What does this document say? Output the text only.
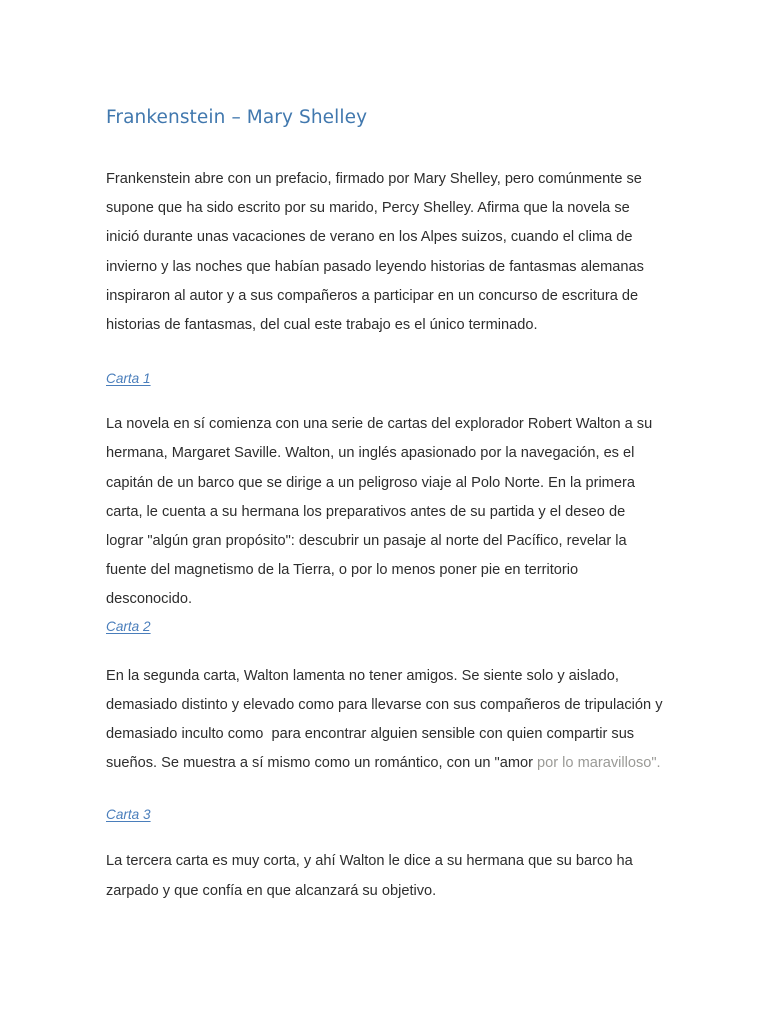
Frankenstein – Mary Shelley

Frankenstein abre con un prefacio, firmado por Mary Shelley, pero comúnmente se supone que ha sido escrito por su marido, Percy Shelley. Afirma que la novela se inició durante unas vacaciones de verano en los Alpes suizos, cuando el clima de invierno y las noches que habían pasado leyendo historias de fantasmas alemanas inspiraron al autor y a sus compañeros a participar en un concurso de escritura de historias de fantasmas, del cual este trabajo es el único terminado.

Carta 1

La novela en sí comienza con una serie de cartas del explorador Robert Walton a su hermana, Margaret Saville. Walton, un inglés apasionado por la navegación, es el capitán de un barco que se dirige a un peligroso viaje al Polo Norte. En la primera carta, le cuenta a su hermana los preparativos antes de su partida y el deseo de lograr "algún gran propósito": descubrir un pasaje al norte del Pacífico, revelar la fuente del magnetismo de la Tierra, o por lo menos poner pie en territorio desconocido.

Carta 2

En la segunda carta, Walton lamenta no tener amigos. Se siente solo y aislado, demasiado distinto y elevado como para llevarse con sus compañeros de tripulación y demasiado inculto como  para encontrar alguien sensible con quien compartir sus sueños. Se muestra a sí mismo como un romántico, con un "amor por lo maravilloso".

Carta 3

La tercera carta es muy corta, y ahí Walton le dice a su hermana que su barco ha zarpado y que confía en que alcanzará su objetivo.
